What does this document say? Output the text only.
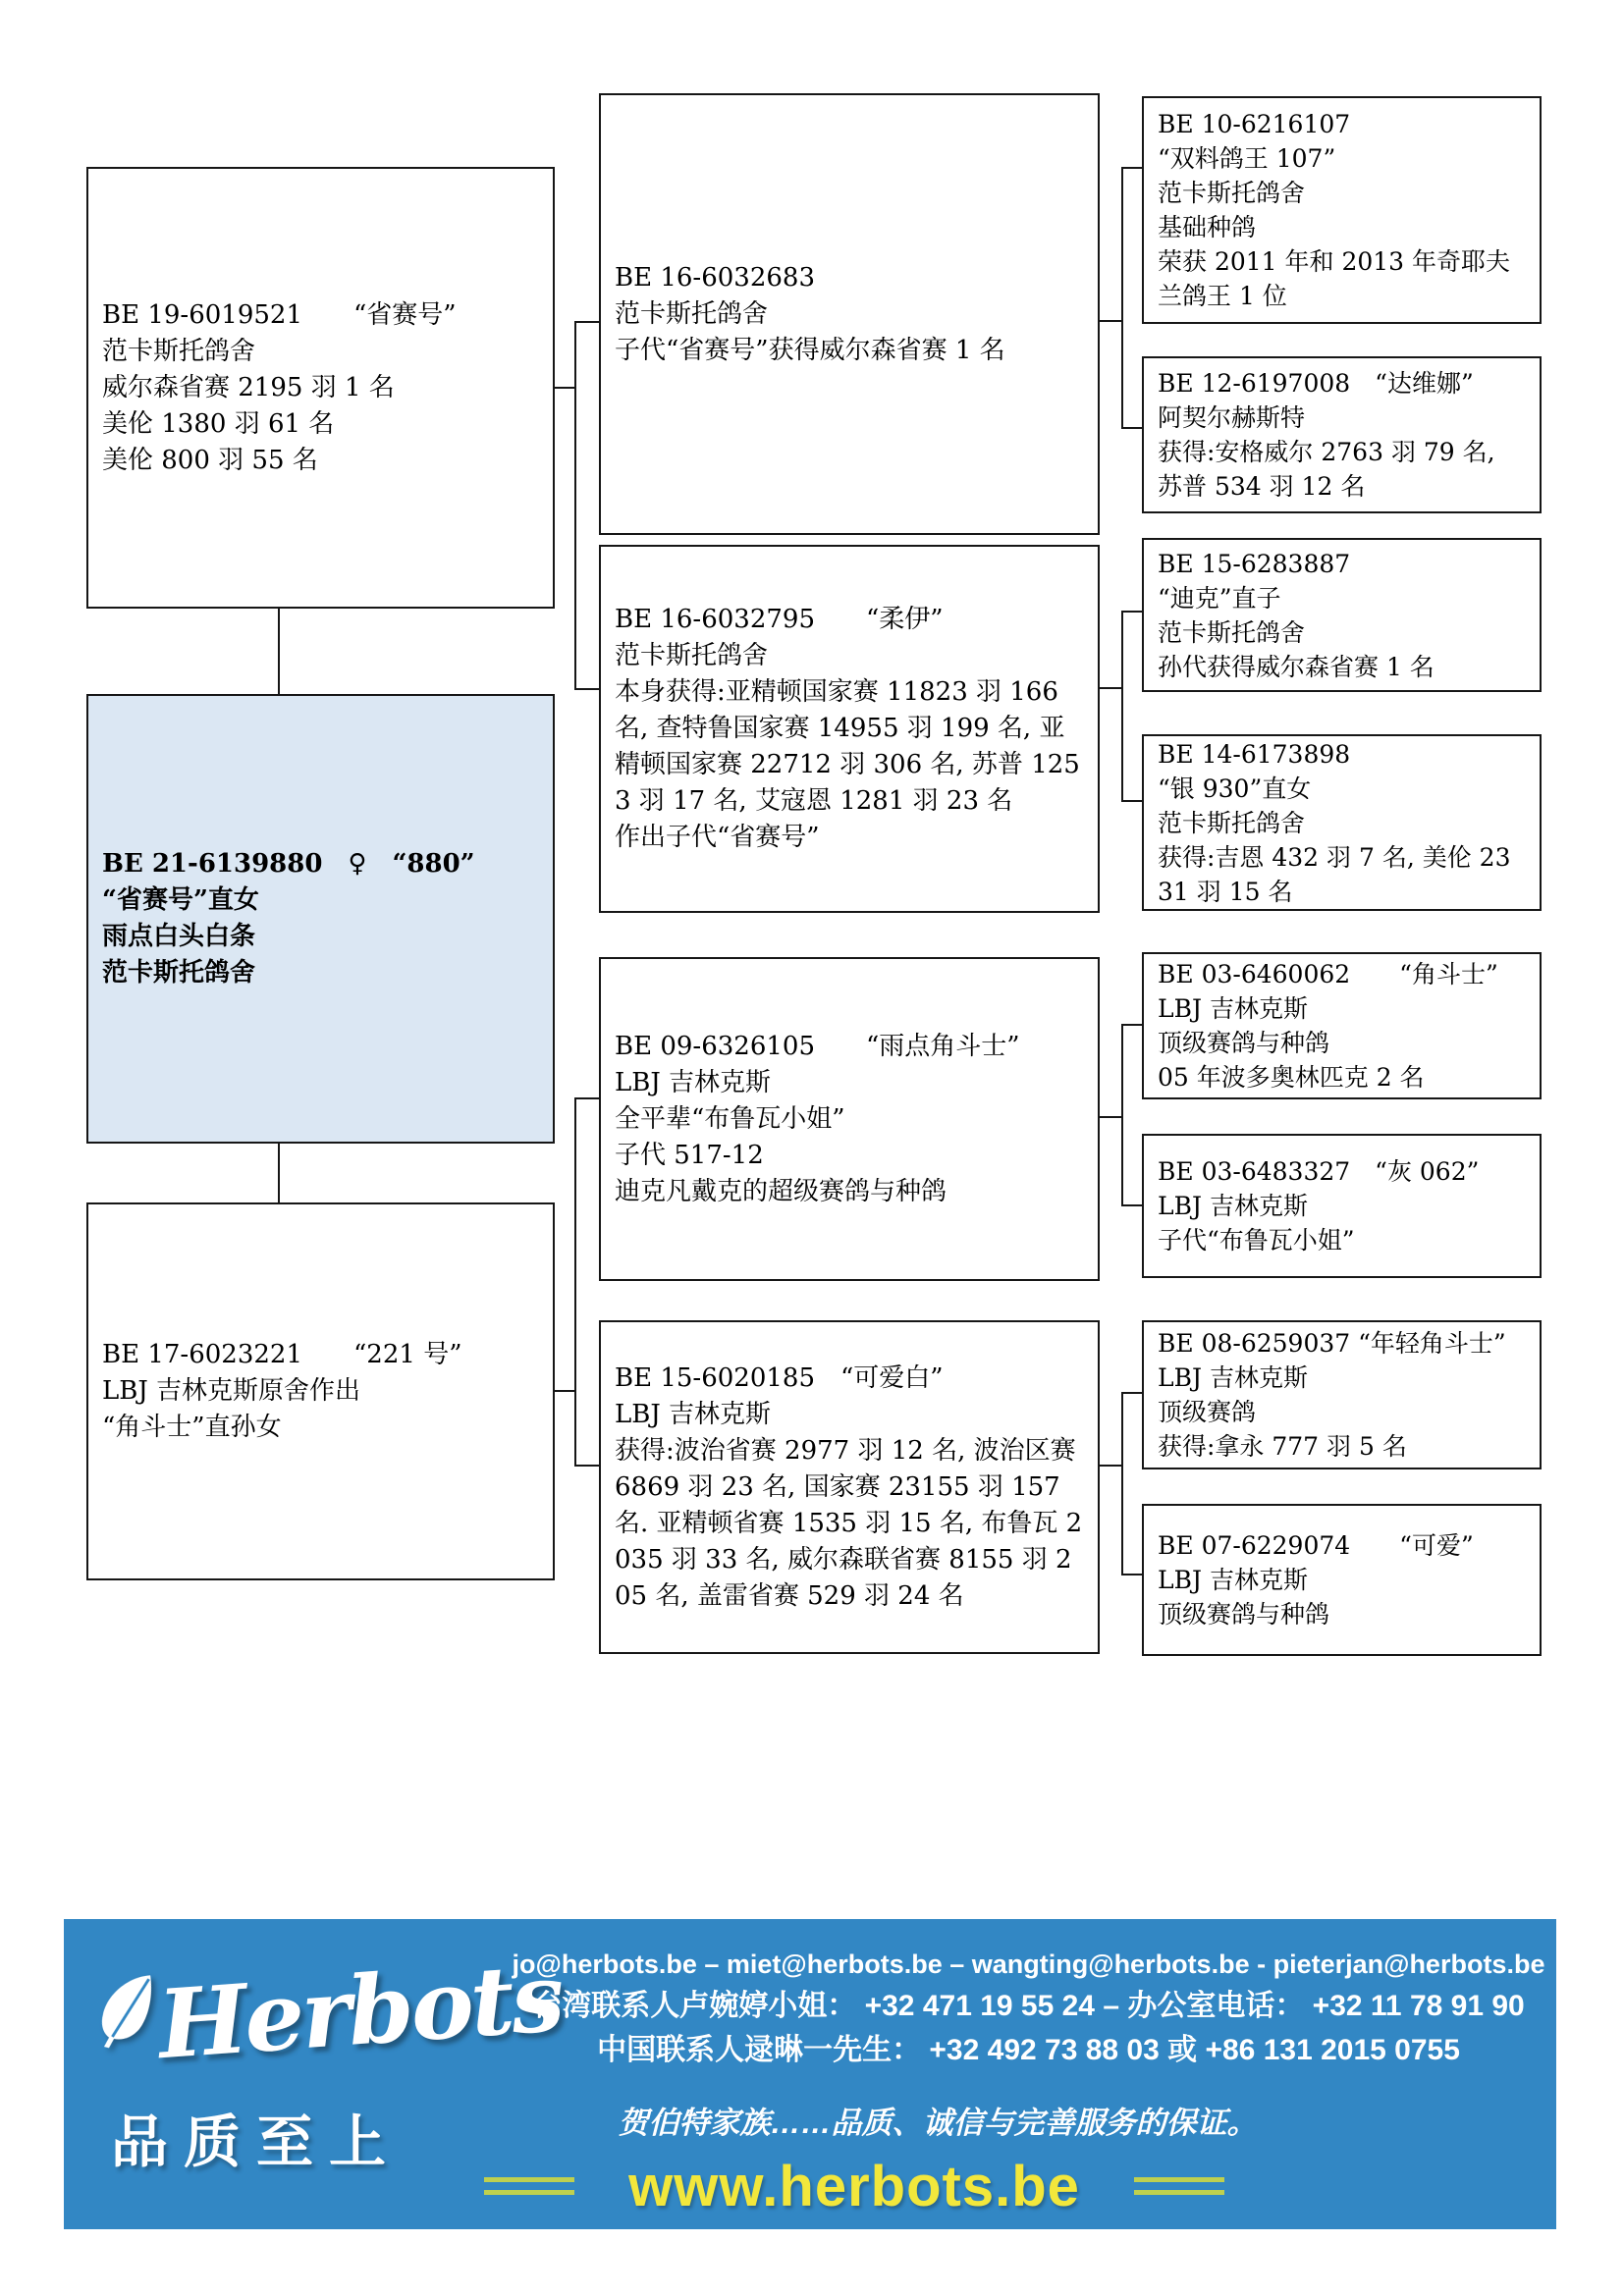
BE 19-6019521　　“省赛号”
范卡斯托鸽舍
威尔森省赛 2195 羽 1 名
美伦 1380 羽 61 名
美伦 800 羽 55 名
BE 21-6139880　♀　“880”
“省赛号”直女
雨点白头白条
范卡斯托鸽舍
BE 17-6023221　　“221 号”
LBJ 吉林克斯原舍作出
“角斗士”直孙女
BE 16-6032683
范卡斯托鸽舍
子代“省赛号”获得威尔森省赛 1 名
BE 16-6032795　　“柔伊”
范卡斯托鸽舍
本身获得:亚精顿国家赛 11823 羽 166 名, 查特鲁国家赛 14955 羽 199 名, 亚精顿国家赛 22712 羽 306 名, 苏普 1253 羽 17 名, 艾寇恩 1281 羽 23 名
作出子代“省赛号”
BE 09-6326105　　“雨点角斗士”
LBJ 吉林克斯
全平辈“布鲁瓦小姐”
子代 517-12
迪克凡戴克的超级赛鸽与种鸽
BE 15-6020185　“可爱白”
LBJ 吉林克斯
获得:波治省赛 2977 羽 12 名, 波治区赛 6869 羽 23 名, 国家赛 23155 羽 157 名. 亚精顿省赛 1535 羽 15 名, 布鲁瓦 2035 羽 33 名, 威尔森联省赛 8155 羽 205 名, 盖雷省赛 529 羽 24 名
BE 10-6216107
“双料鸽王 107”
范卡斯托鸽舍
基础种鸽
荣获 2011 年和 2013 年奇耶夫兰鸽王 1 位
BE 12-6197008　“达维娜”
阿契尔赫斯特
获得:安格威尔 2763 羽 79 名, 苏普 534 羽 12 名
BE 15-6283887
“迪克”直子
范卡斯托鸽舍
孙代获得威尔森省赛 1 名
BE 14-6173898
“银 930”直女
范卡斯托鸽舍
获得:吉恩 432 羽 7 名, 美伦 2331 羽 15 名
BE 03-6460062　　“角斗士”
LBJ 吉林克斯
顶级赛鸽与种鸽
05 年波多奥林匹克 2 名
BE 03-6483327　“灰 062”
LBJ 吉林克斯
子代“布鲁瓦小姐”
BE 08-6259037 “年轻角斗士”
LBJ 吉林克斯
顶级赛鸽
获得:拿永 777 羽 5 名
BE 07-6229074　　“可爱”
LBJ 吉林克斯
顶级赛鸽与种鸽
Herbots
品质至上
jo@herbots.be – miet@herbots.be – wangting@herbots.be - pieterjan@herbots.be
台湾联系人卢婉婷小姐： +32 471 19 55 24 – 办公室电话： +32 11 78 91 90
中国联系人逯晽一先生： +32 492 73 88 03 或 +86 131 2015 0755
贺伯特家族……品质、诚信与完善服务的保证。
www.herbots.be
